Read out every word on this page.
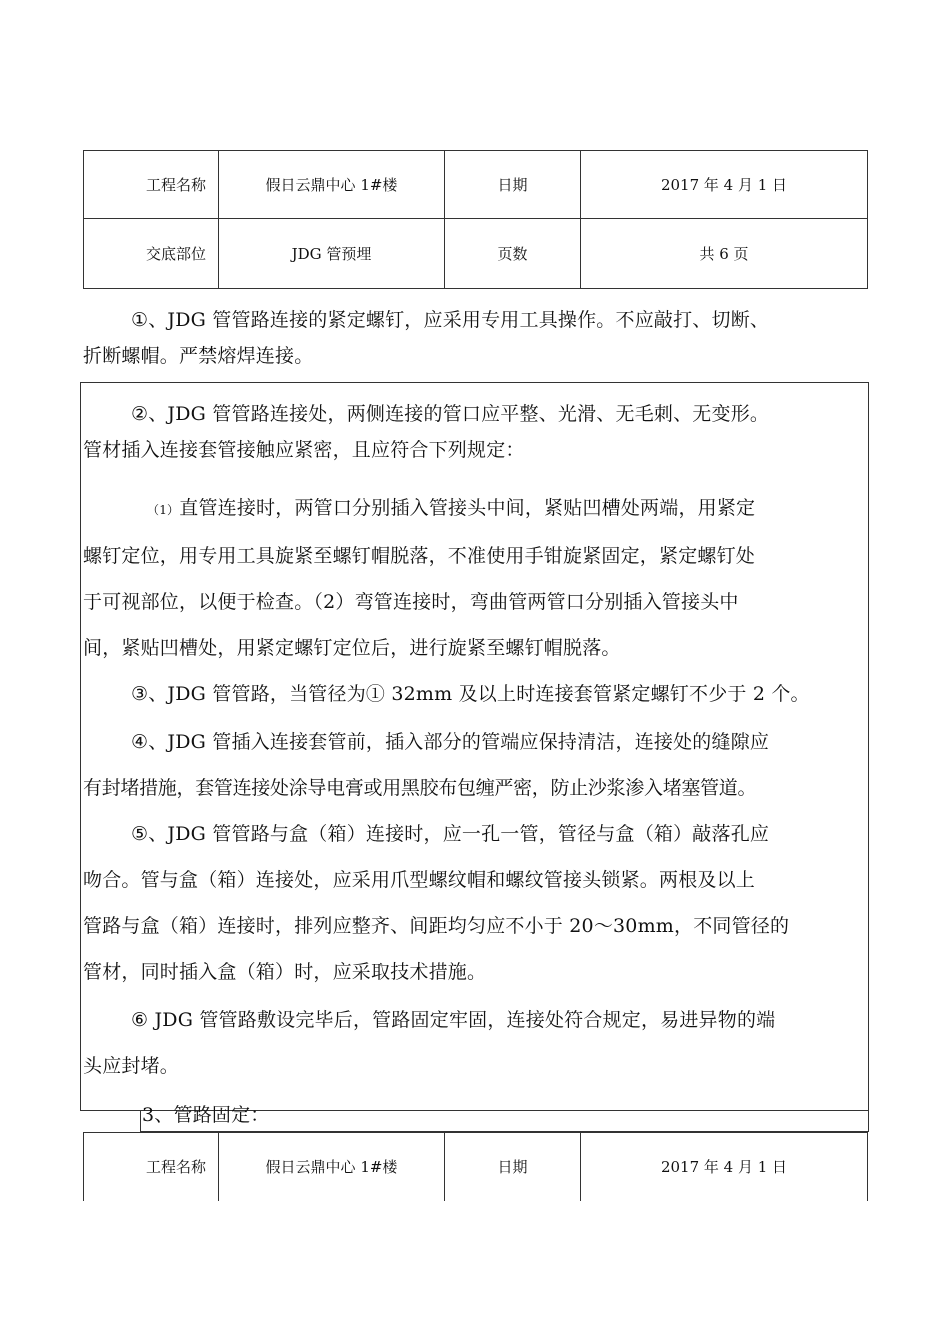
工程名称	假日云鼎中心 1#楼	日期	2017 年 4 月 1 日
交底部位	JDG 管预埋	页数	共 6 页
①、JDG 管管路连接的紧定螺钉，应采用专用工具操作。不应敲打、切断、
折断螺帽。严禁熔焊连接。
②、JDG 管管路连接处，两侧连接的管口应平整、光滑、无毛刺、无变形。
管材插入连接套管接触应紧密，且应符合下列规定：
（1）直管连接时，两管口分别插入管接头中间，紧贴凹槽处两端，用紧定
螺钉定位，用专用工具旋紧至螺钉帽脱落，不准使用手钳旋紧固定，紧定螺钉处
于可视部位，以便于检查。（2）弯管连接时，弯曲管两管口分别插入管接头中
间，紧贴凹槽处，用紧定螺钉定位后，进行旋紧至螺钉帽脱落。
③、JDG 管管路，当管径为① 32mm 及以上时连接套管紧定螺钉不少于 2 个。
④、JDG 管插入连接套管前，插入部分的管端应保持清洁，连接处的缝隙应
有封堵措施，套管连接处涂导电膏或用黑胶布包缠严密，防止沙浆渗入堵塞管道。
⑤、JDG 管管路与盒（箱）连接时，应一孔一管，管径与盒（箱）敲落孔应
吻合。管与盒（箱）连接处，应采用爪型螺纹帽和螺纹管接头锁紧。两根及以上
管路与盒（箱）连接时，排列应整齐、间距均匀应不小于 20〜30mm，不同管径的
管材，同时插入盒（箱）时，应采取技术措施。
⑥ JDG 管管路敷设完毕后，管路固定牢固，连接处符合规定，易进异物的端
头应封堵。
3、管路固定：
工程名称	假日云鼎中心 1#楼	日期	2017 年 4 月 1 日
